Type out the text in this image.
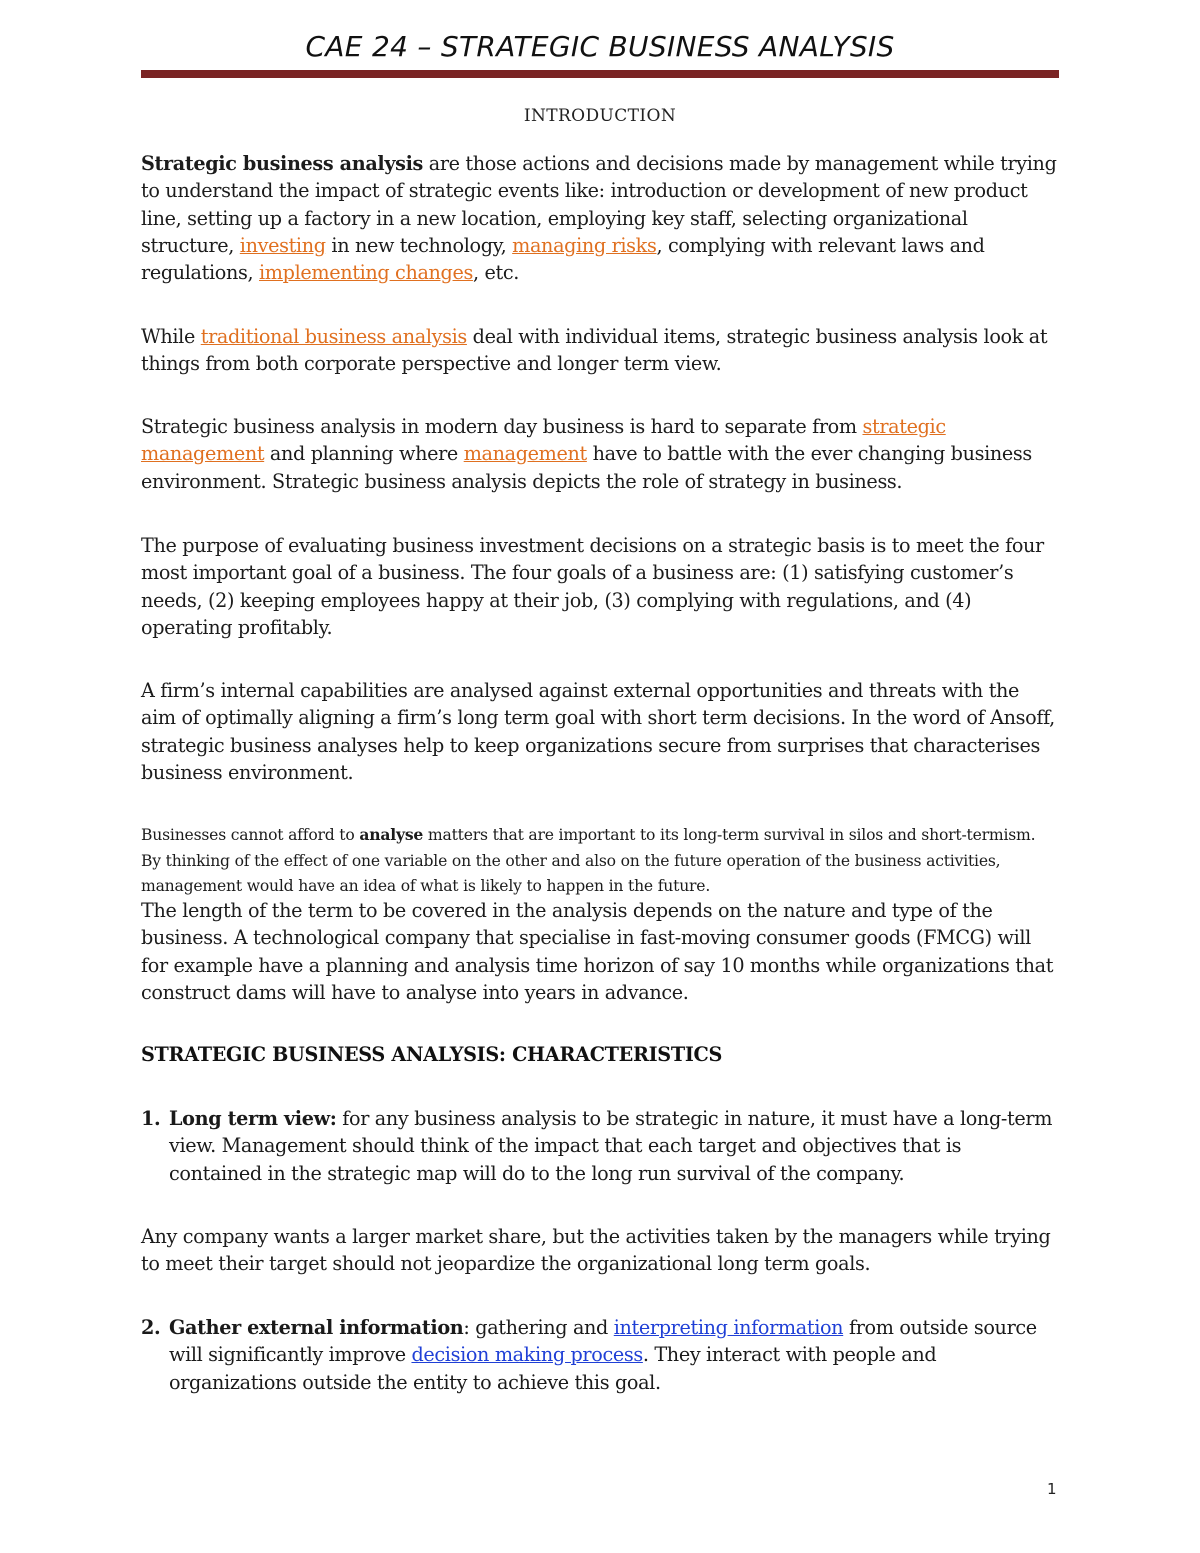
CAE 24 – STRATEGIC BUSINESS ANALYSIS
INTRODUCTION

Strategic business analysis are those actions and decisions made by management while trying to understand the impact of strategic events like: introduction or development of new product line, setting up a factory in a new location, employing key staff, selecting organizational structure, investing in new technology, managing risks, complying with relevant laws and regulations, implementing changes, etc.

While traditional business analysis deal with individual items, strategic business analysis look at things from both corporate perspective and longer term view.

Strategic business analysis in modern day business is hard to separate from strategic management and planning where management have to battle with the ever changing business environment. Strategic business analysis depicts the role of strategy in business.

The purpose of evaluating business investment decisions on a strategic basis is to meet the four most important goal of a business. The four goals of a business are: (1) satisfying customer’s needs, (2) keeping employees happy at their job, (3) complying with regulations, and (4) operating profitably.

A firm’s internal capabilities are analysed against external opportunities and threats with the aim of optimally aligning a firm’s long term goal with short term decisions. In the word of Ansoff, strategic business analyses help to keep organizations secure from surprises that characterises business environment.

Businesses cannot afford to analyse matters that are important to its long-term survival in silos and short-termism. By thinking of the effect of one variable on the other and also on the future operation of the business activities, management would have an idea of what is likely to happen in the future.

The length of the term to be covered in the analysis depends on the nature and type of the business. A technological company that specialise in fast-moving consumer goods (FMCG) will for example have a planning and analysis time horizon of say 10 months while organizations that construct dams will have to analyse into years in advance.

STRATEGIC BUSINESS ANALYSIS: CHARACTERISTICS
1. Long term view: for any business analysis to be strategic in nature, it must have a long-term view. Management should think of the impact that each target and objectives that is contained in the strategic map will do to the long run survival of the company.

Any company wants a larger market share, but the activities taken by the managers while trying to meet their target should not jeopardize the organizational long term goals.

2. Gather external information: gathering and interpreting information from outside source will significantly improve decision making process. They interact with people and organizations outside the entity to achieve this goal.
1
